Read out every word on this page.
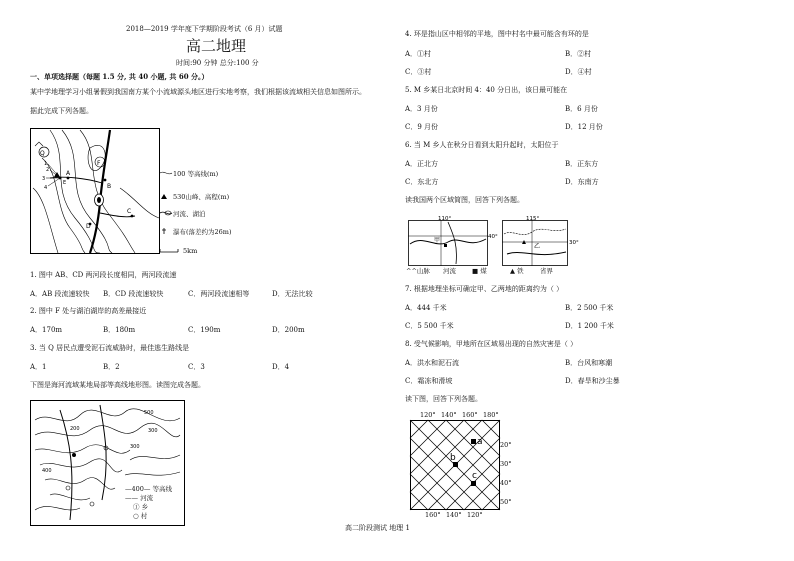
2018—2019 学年度下学期阶段考试（6 月）试题
高二地理
时间:90 分钟 总分:100 分
一、单项选择题（每题 1.5 分, 共 40 小题, 共 60 分。）
某中学地理学习小组暑假到我国南方某个小流域源头地区进行实地考察，我们根据该流域相关信息如图所示。
据此完成下列各题。
Q
F
A
B
C
D
E
1
2
3
4
100 等高线(m)
530山峰、高程(m)
河流、湖泊
瀑布(落差约为26m)
5km
1. 图中 AB、CD 两河段长度相同，两河段流速
A．AB 段流速较快 B．CD 段流速较快	C．两河段流速相等	D．无法比较
2. 图中 F 处与湖泊湖岸的高差最接近
A．170m	B．180m	C．190m	D．200m
3. 当 Q 居民点遭受泥石流威胁时，最佳逃生路线是
A．1	B．2	C．3	D．4
下图是海河流域某地局部等高线地形图。读图完成各题。
500
300
200
400
300
—400— 等高线
—— 河流
① 乡
○ 村
4. 环是指山区中相邻的平地，图中村名中最可能含有环的是
A．①村	B．②村
C．③村	D．④村
5. M 乡某日北京时间 4：40 分日出，该日最可能在
A．3 月份	B．6 月份
C．9 月份	D．12 月份
6. 当 M 乡人在秋分日看到太阳升起时，太阳位于
A．正北方	B．正东方
C．东北方	D．东南方
读我国两个区域简图，回答下列各题。
甲
110°
40°
^^山脉 河流 ■ 煤
乙
115°
30°
▲ 铁	省界
7. 根据地理坐标可确定甲、乙两地的距离约为（ ）
A．444 千米	B．2 500 千米
C．5 500 千米	D．1 200 千米
8. 受气候影响，甲地所在区域易出现的自然灾害是（ ）
A．洪水和泥石流	B．台风和寒潮
C．霜冻和滑坡	D．春旱和沙尘暴
读下图，回答下列各题。
a
b
c
120° 140° 160° 180°
160° 140° 120°
20°
30°
40°
50°
高二阶段测试 地理 1
